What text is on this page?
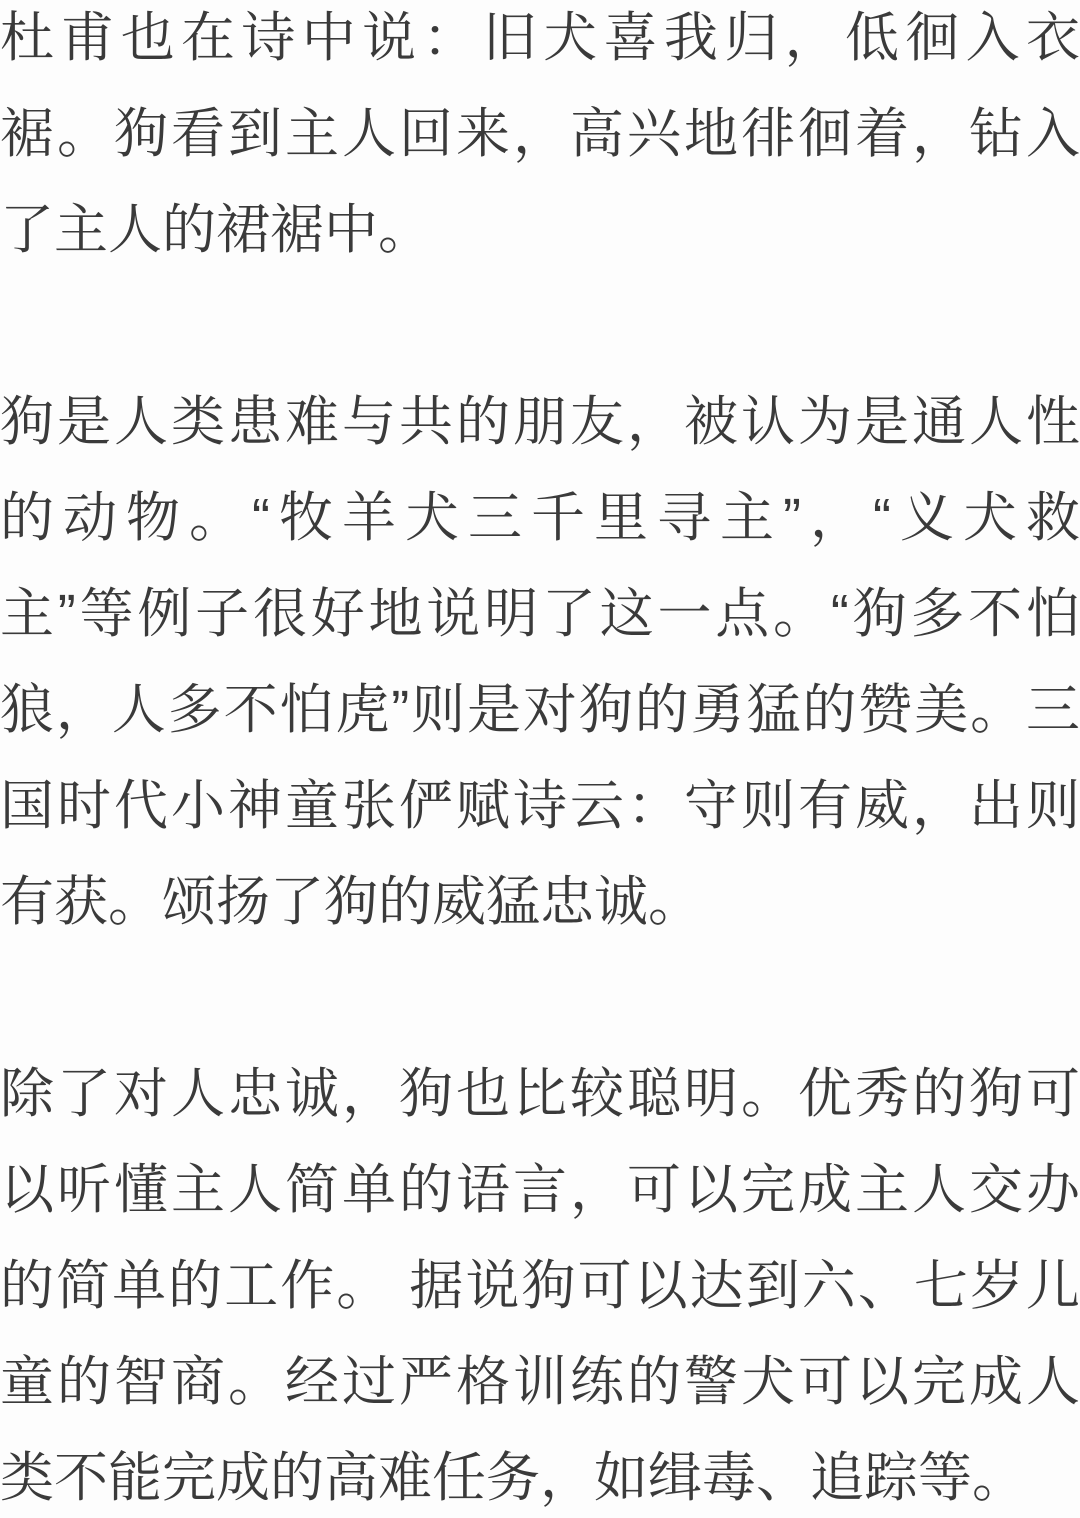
杜甫也在诗中说：旧犬喜我归，低徊入衣
裾。狗看到主人回来，高兴地徘徊着，钻入
了主人的裙裾中。
狗是人类患难与共的朋友，被认为是通人性
的动物。“牧羊犬三千里寻主”，“义犬救
主”等例子很好地说明了这一点。“狗多不怕
狼，人多不怕虎”则是对狗的勇猛的赞美。三
国时代小神童张俨赋诗云：守则有威，出则
有获。颂扬了狗的威猛忠诚。
除了对人忠诚，狗也比较聪明。优秀的狗可
以听懂主人简单的语言，可以完成主人交办
的简单的工作。 据说狗可以达到六、七岁儿
童的智商。经过严格训练的警犬可以完成人
类不能完成的高难任务，如缉毒、追踪等。
